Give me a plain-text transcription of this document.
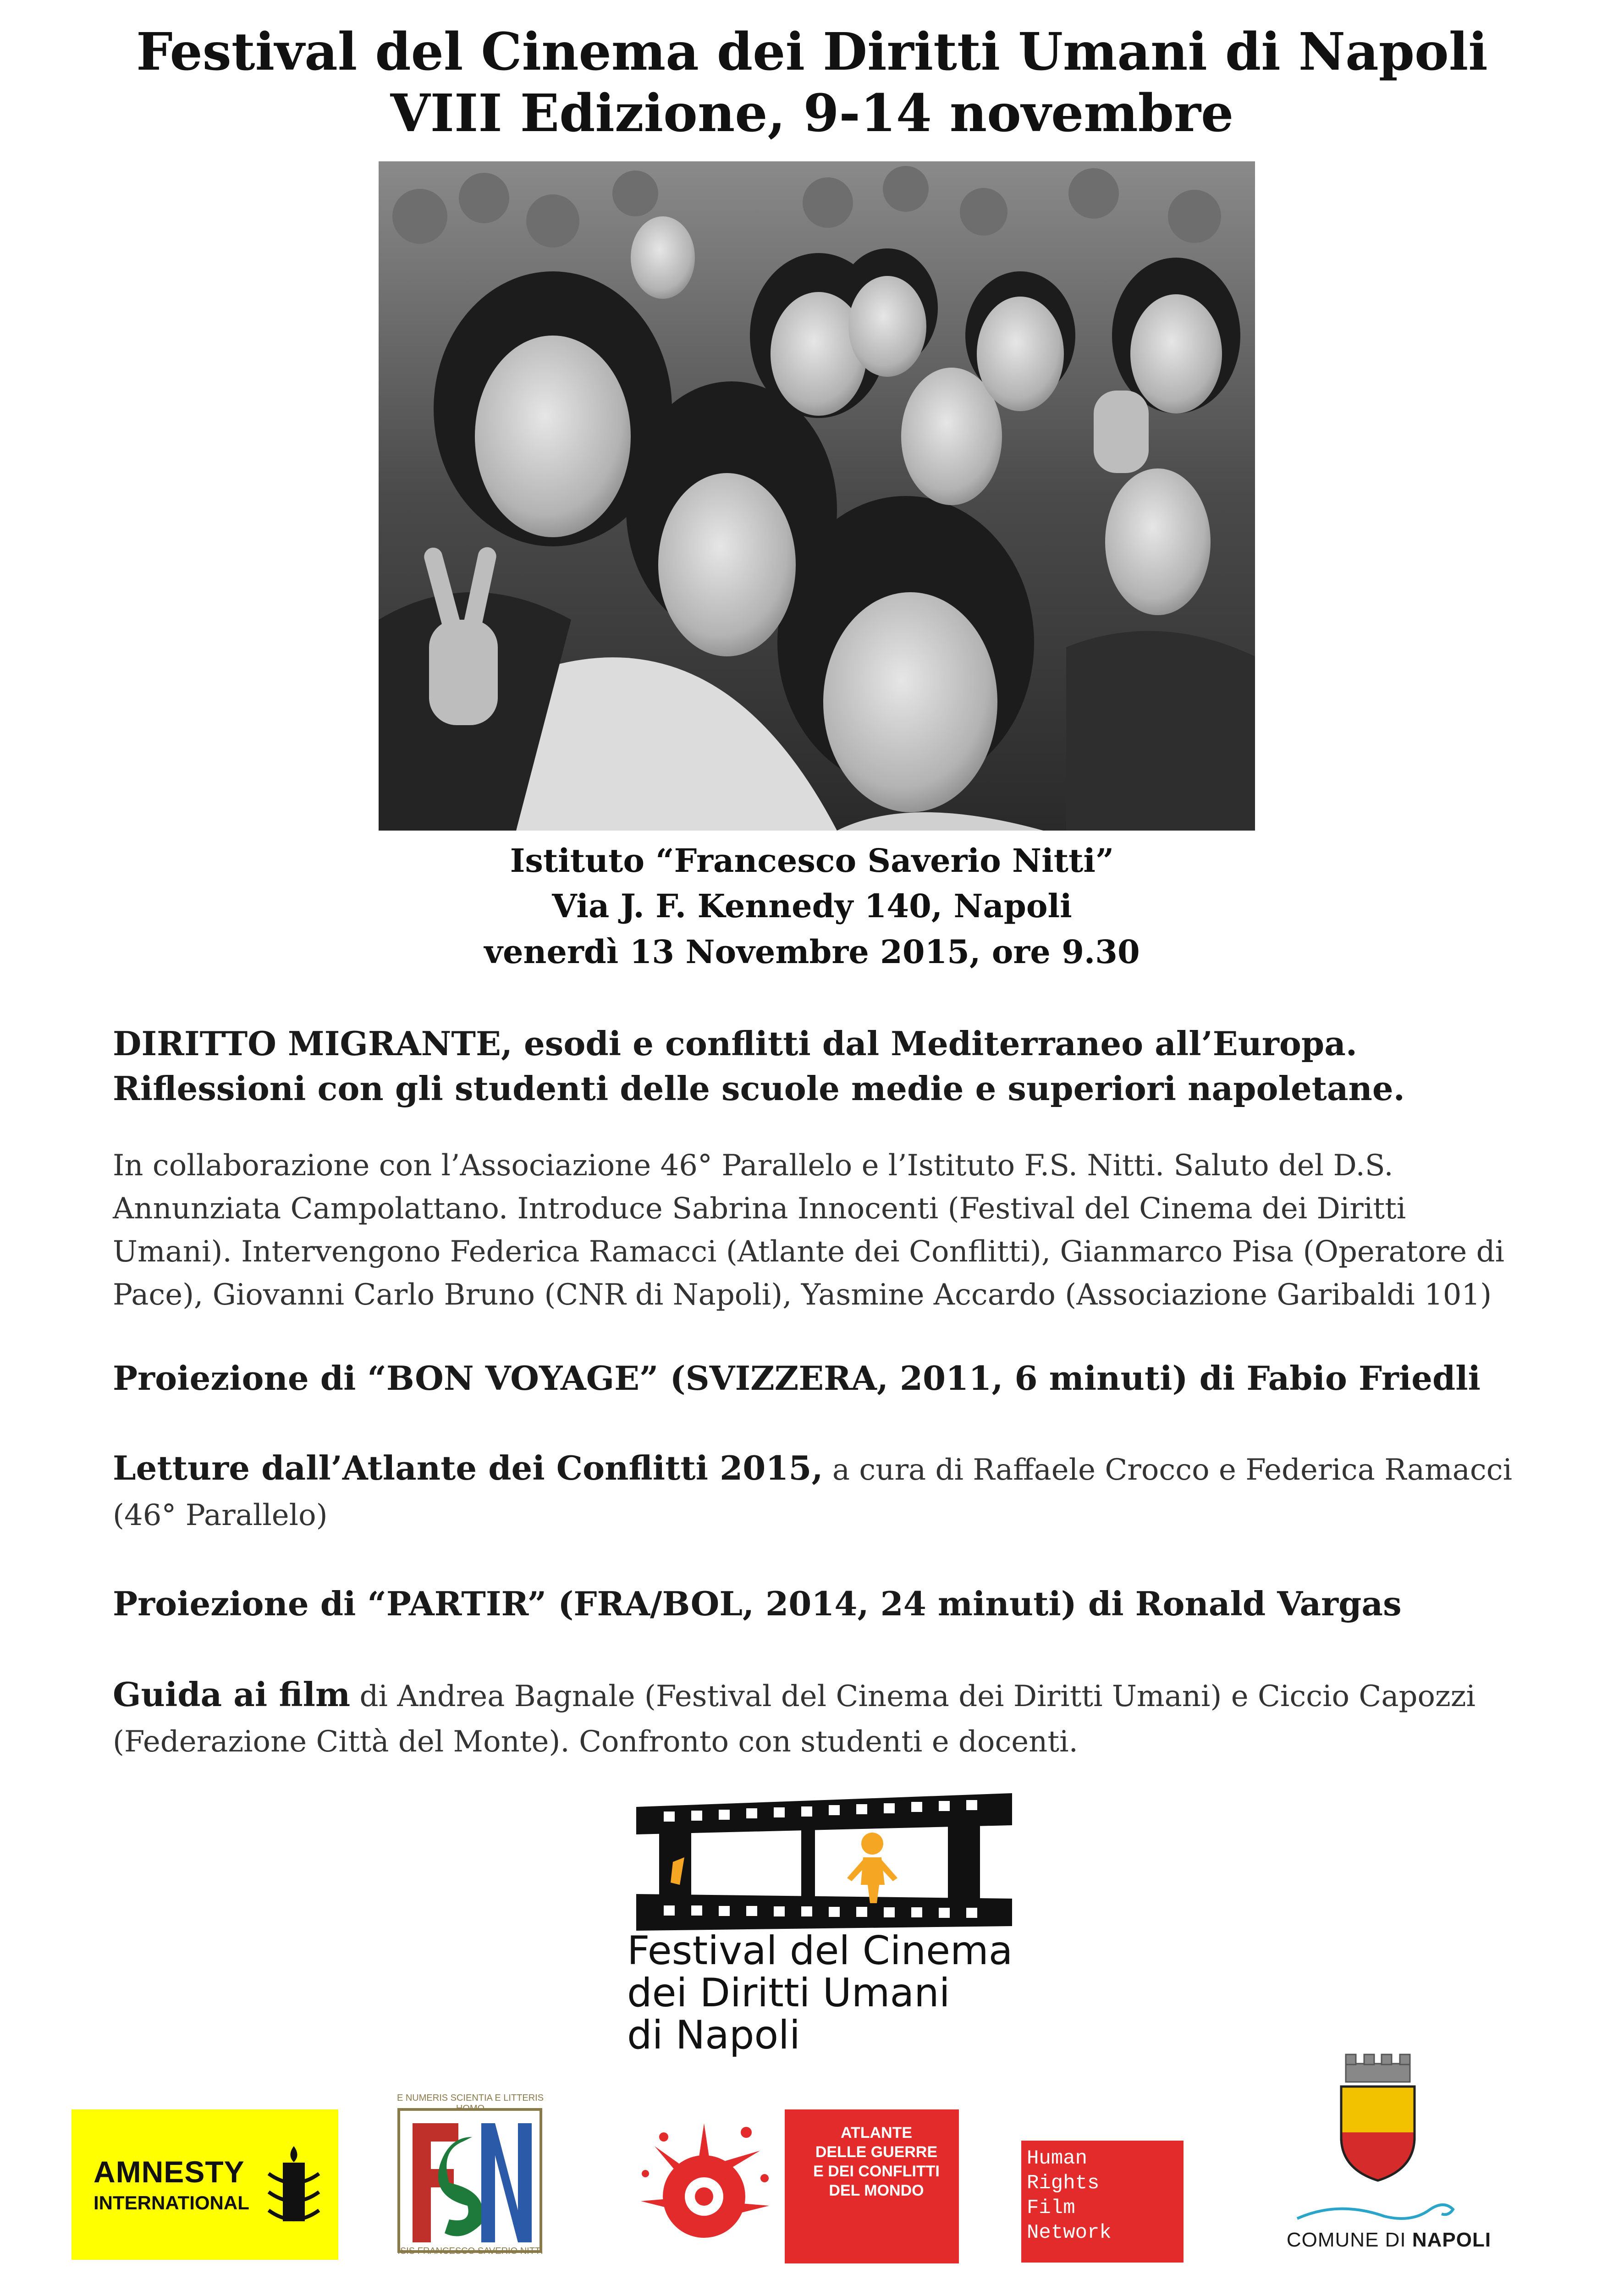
Festival del Cinema dei Diritti Umani di Napoli
VIII Edizione, 9-14 novembre
Istituto “Francesco Saverio Nitti”
Via J. F. Kennedy 140, Napoli
venerdì 13 Novembre 2015, ore 9.30
DIRITTO MIGRANTE, esodi e conflitti dal Mediterraneo all’Europa. Riflessioni con gli studenti delle scuole medie e superiori napoletane.
In collaborazione con l’Associazione 46° Parallelo e l’Istituto F.S. Nitti. Saluto del D.S. Annunziata Campolattano. Introduce Sabrina Innocenti (Festival del Cinema dei Diritti Umani). Intervengono Federica Ramacci (Atlante dei Conflitti), Gianmarco Pisa (Operatore di Pace), Giovanni Carlo Bruno (CNR di Napoli), Yasmine Accardo (Associazione Garibaldi 101)
Proiezione di “BON VOYAGE” (SVIZZERA, 2011, 6 minuti) di Fabio Friedli
Letture dall’Atlante dei Conflitti 2015, a cura di Raffaele Crocco e Federica Ramacci (46° Parallelo)
Proiezione di “PARTIR” (FRA/BOL, 2014, 24 minuti) di Ronald Vargas
Guida ai film di Andrea Bagnale (Festival del Cinema dei Diritti Umani) e Ciccio Capozzi (Federazione Città del Monte). Confronto con studenti e docenti.
Festival del Cinema
dei Diritti Umani
di Napoli
AMNESTY
INTERNATIONAL
E NUMERIS SCIENTIA E LITTERIS
ISIS FRANCESCO SAVERIO NITTI
ATLANTE
DELLE GUERRE
E DEI CONFLITTI
DEL MONDO
Human
Rights
Film
Network	COMUNE DI NAPOLI
